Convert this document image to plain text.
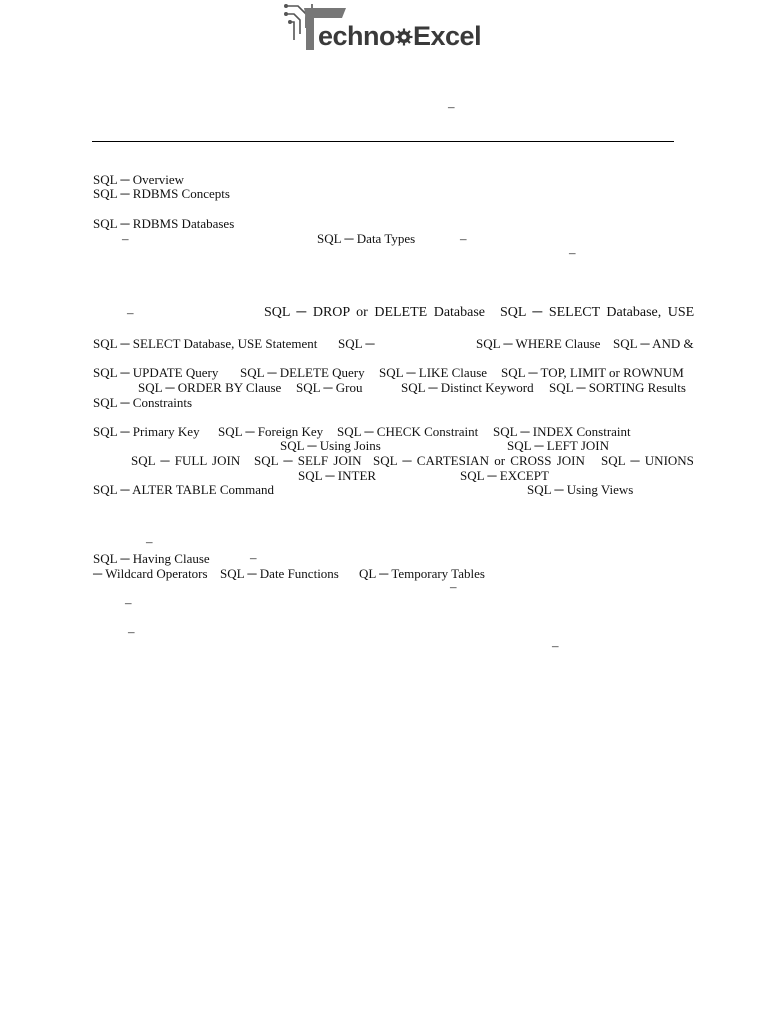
echno Excel
–
SQL ─ Overview
SQL ─ RDBMS Concepts
SQL ─ RDBMS Databases
–	SQL ─ Data Types	–
–
–	SQL ─ DROP or DELETE Database SQL ─ SELECT Database, USE
SQL ─ SELECT Database, USE Statement SQL ─	SQL ─ WHERE Clause SQL ─ AND &
SQL ─ UPDATE Query SQL ─ DELETE Query SQL ─ LIKE Clause SQL ─ TOP, LIMIT or ROWNUM
SQL ─ ORDER BY Clause SQL ─ Grou	SQL ─ Distinct Keyword SQL ─ SORTING Results
SQL ─ Constraints
SQL ─ Primary Key SQL ─ Foreign Key SQL ─ CHECK Constraint SQL ─ INDEX Constraint
SQL ─ Using Joins	SQL ─ LEFT JOIN
SQL ─ FULL JOIN SQL ─ SELF JOIN SQL ─ CARTESIAN or CROSS JOIN SQL ─ UNIONS
SQL ─ INTER	SQL ─ EXCEPT
SQL ─ ALTER TABLE Command	SQL ─ Using Views
–
SQL ─ Having Clause	–
─ Wildcard Operators SQL ─ Date Functions QL ─ Temporary Tables
–
–
–
–
